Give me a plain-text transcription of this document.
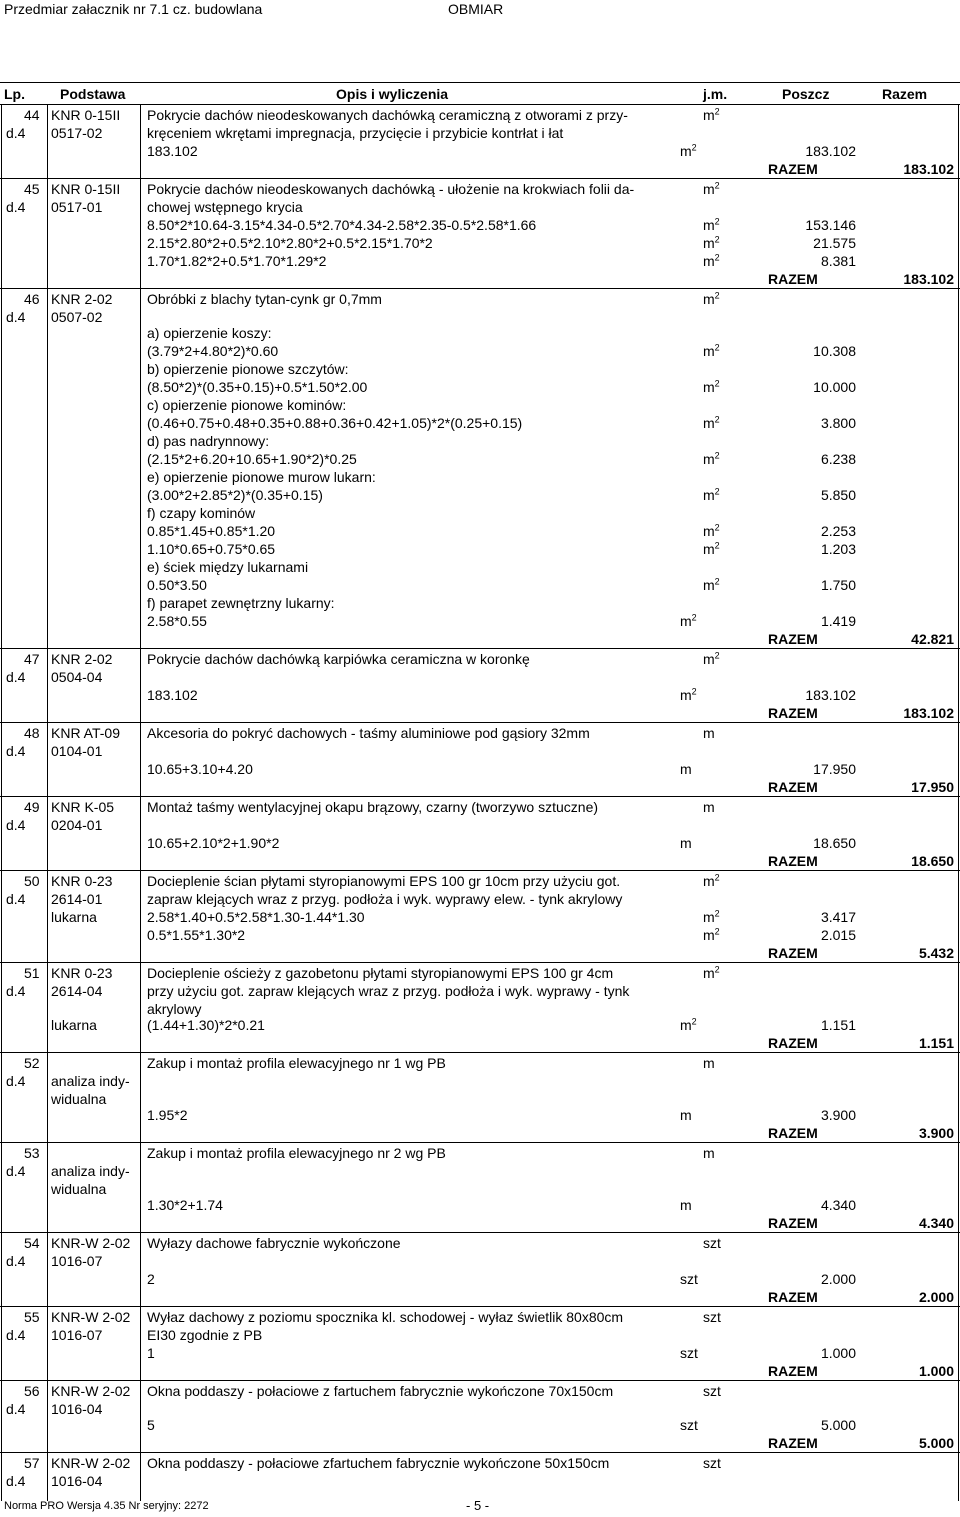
Przedmiar załacznik nr 7.1 cz. budowlana	OBMIAR
Lp.	Podstawa	Opis i wyliczenia	j.m.	Poszcz	Razem
44 KNR 0-15II
d.4 0517-02
Pokrycie dachów nieodeskowanych dachówką ceramiczną z otworami z przy-
kręceniem wkrętami impregnacja, przycięcie i przybicie kontrłat i łat
$m^2$
183.102	$m^2$	183.102
RAZEM	183.102
45 KNR 0-15II
d.4 0517-01
Pokrycie dachów nieodeskowanych dachówką - ułożenie na krokwiach folii da-
chowej wstępnego krycia
$m^2$
8.50*2*10.64-3.15*4.34-0.5*2.70*4.34-2.58*2.35-0.5*2.58*1.66	$m^2$	153.146
2.15*2.80*2+0.5*2.10*2.80*2+0.5*2.15*1.70*2	$m^2$	21.575
1.70*1.82*2+0.5*1.70*1.29*2	$m^2$	8.381
RAZEM	183.102
46 KNR 2-02
d.4 0507-02
Obróbki z blachy tytan-cynk gr 0,7mm	$m^2$
a) opierzenie koszy:
(3.79*2+4.80*2)*0.60	$m^2$	10.308
b) opierzenie pionowe szczytów:
(8.50*2)*(0.35+0.15)+0.5*1.50*2.00	$m^2$	10.000
c) opierzenie pionowe kominów:
(0.46+0.75+0.48+0.35+0.88+0.36+0.42+1.05)*2*(0.25+0.15)	$m^2$	3.800
d) pas nadrynnowy:
(2.15*2+6.20+10.65+1.90*2)*0.25	$m^2$	6.238
e) opierzenie pionowe murow lukarn:
(3.00*2+2.85*2)*(0.35+0.15)	$m^2$	5.850
f) czapy kominów
0.85*1.45+0.85*1.20	$m^2$	2.253
1.10*0.65+0.75*0.65	$m^2$	1.203
e) ściek między lukarnami
0.50*3.50	$m^2$	1.750
f) parapet zewnętrzny lukarny:
2.58*0.55	$m^2$	1.419
RAZEM	42.821
47 KNR 2-02
d.4 0504-04
Pokrycie dachów dachówką karpiówka ceramiczna w koronkę	$m^2$
183.102	$m^2$	183.102
RAZEM	183.102
48 KNR AT-09
d.4 0104-01
Akcesoria do pokryć dachowych - taśmy aluminiowe pod gąsiory 32mm	m
10.65+3.10+4.20	m	17.950
RAZEM	17.950
49 KNR K-05
d.4 0204-01
Montaż taśmy wentylacyjnej okapu brązowy, czarny (tworzywo sztuczne)	m
10.65+2.10*2+1.90*2	m	18.650
RAZEM	18.650
50 KNR 0-23
d.4 2614-01
lukarna
Docieplenie ścian płytami styropianowymi EPS 100 gr 10cm przy użyciu got.
zapraw klejących wraz z przyg. podłoża i wyk. wyprawy elew. - tynk akrylowy
$m^2$
2.58*1.40+0.5*2.58*1.30-1.44*1.30	$m^2$	3.417
0.5*1.55*1.30*2	$m^2$	2.015
RAZEM	5.432
51 KNR 0-23
d.4 2614-04
lukarna
Docieplenie ościeży z gazobetonu płytami styropianowymi EPS 100 gr 4cm
przy użyciu got. zapraw klejących wraz z przyg. podłoża i wyk. wyprawy - tynk
akrylowy
$m^2$
(1.44+1.30)*2*0.21	$m^2$	1.151
RAZEM	1.151
52
d.4 analiza indy-
widualna
Zakup i montaż profila elewacyjnego nr 1 wg PB	m
1.95*2	m	3.900
RAZEM	3.900
53
d.4 analiza indy-
widualna
Zakup i montaż profila elewacyjnego nr 2 wg PB	m
1.30*2+1.74	m	4.340
RAZEM	4.340
54 KNR-W 2-02
d.4 1016-07
Wyłazy dachowe fabrycznie wykończone	szt
2	szt	2.000
RAZEM	2.000
55 KNR-W 2-02
d.4 1016-07
Wyłaz dachowy z poziomu spocznika kl. schodowej - wyłaz świetlik 80x80cm
EI30 zgodnie z PB
szt
1	szt	1.000
RAZEM	1.000
56 KNR-W 2-02
d.4 1016-04
Okna poddaszy - połaciowe z fartuchem fabrycznie wykończone 70x150cm	szt
5	szt	5.000
RAZEM	5.000
57 KNR-W 2-02
d.4 1016-04
Okna poddaszy - połaciowe zfartuchem fabrycznie wykończone 50x150cm	szt
Norma PRO Wersja 4.35 Nr seryjny: 2272	- 5 -
